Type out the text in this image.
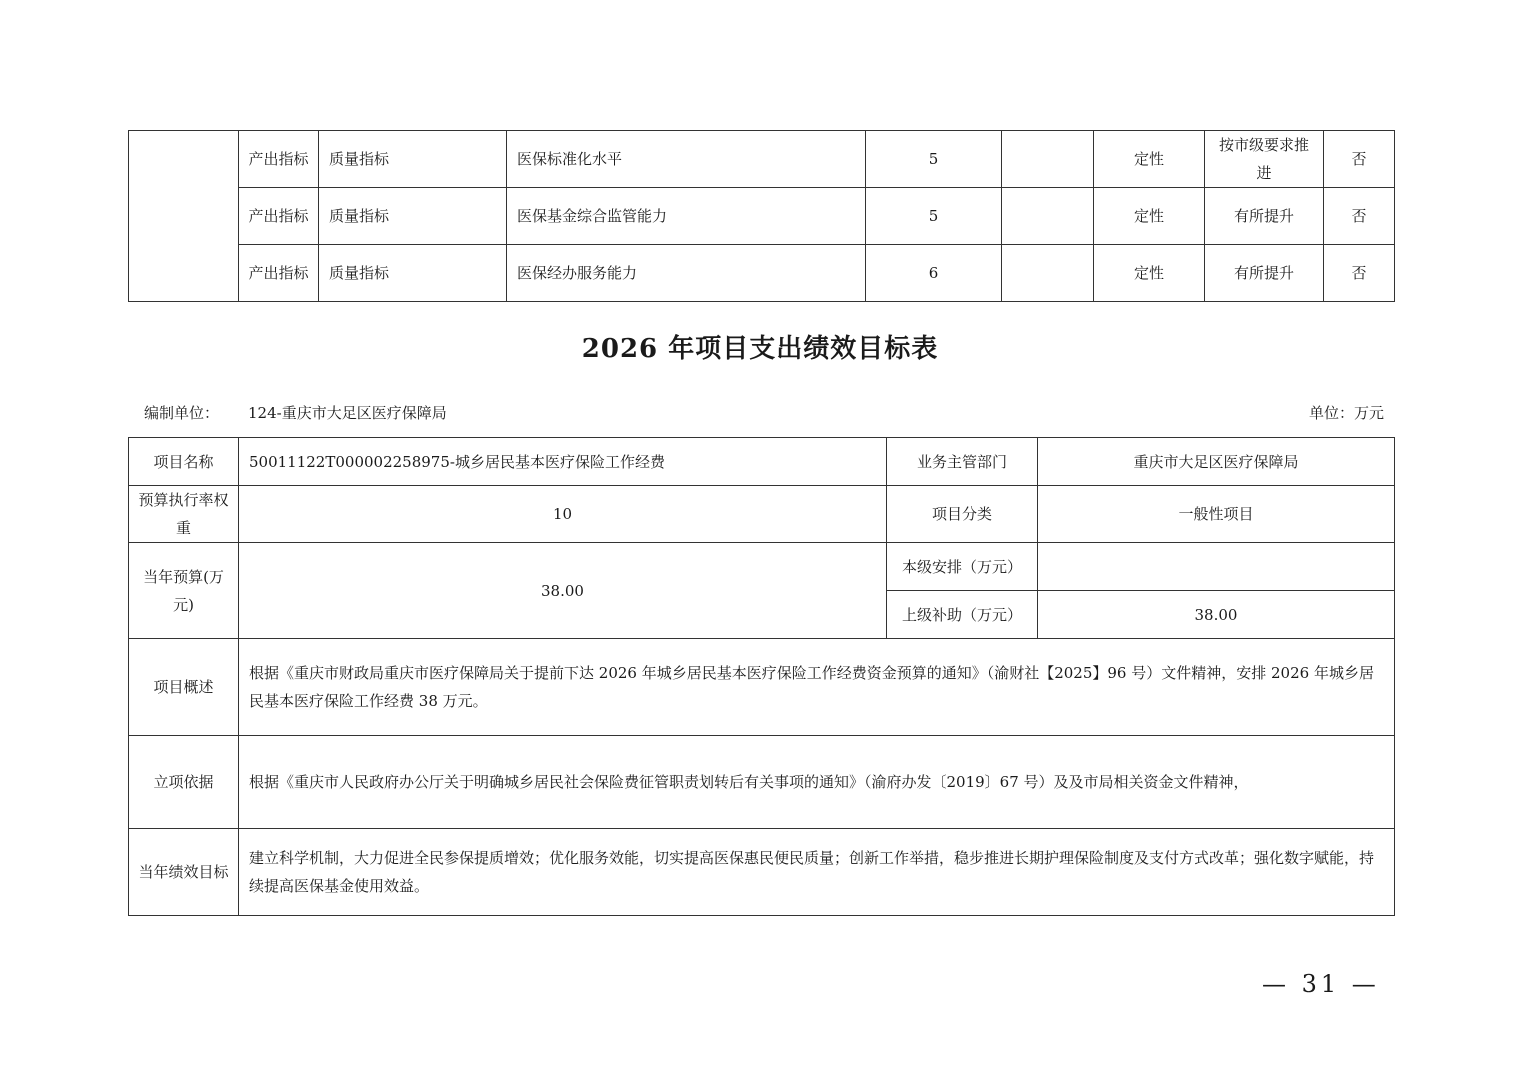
	产出指标	质量指标	医保标准化水平	5		定性	按市级要求推进	否
	产出指标	质量指标	医保基金综合监管能力	5		定性	有所提升	否
	产出指标	质量指标	医保经办服务能力	6		定性	有所提升	否
2026 年项目支出绩效目标表
编制单位： 124-重庆市大足区医疗保障局	单位：万元
项目名称	50011122T000002258975-城乡居民基本医疗保险工作经费	业务主管部门	重庆市大足区医疗保障局
预算执行率权重	10	项目分类	一般性项目
当年预算(万元)	38.00	本级安排（万元）	
		上级补助（万元）	38.00
项目概述	根据《重庆市财政局重庆市医疗保障局关于提前下达 2026 年城乡居民基本医疗保险工作经费资金预算的通知》（渝财社【2025】96 号）文件精神，安排 2026 年城乡居民基本医疗保险工作经费 38 万元。		
立项依据	根据《重庆市人民政府办公厅关于明确城乡居民社会保险费征管职责划转后有关事项的通知》（渝府办发〔2019〕67 号）及及市局相关资金文件精神，		
当年绩效目标	建立科学机制，大力促进全民参保提质增效；优化服务效能，切实提高医保惠民便民质量；创新工作举措，稳步推进长期护理保险制度及支付方式改革；强化数字赋能，持续提高医保基金使用效益。		
— 31 —
